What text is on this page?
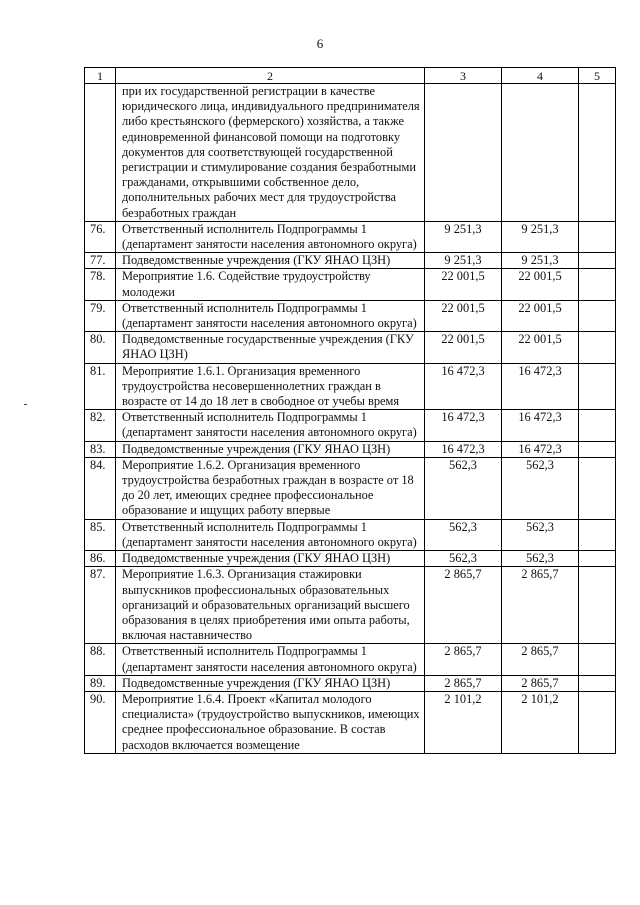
6
1	2	3	4	5
	при их государственной регистрации в качестве юридического лица, индивидуального предпринимателя либо крестьянского (фермерского) хозяйства, а также единовременной финансовой помощи на подготовку документов для соответствующей государственной регистрации и стимулирование создания безработными гражданами, открывшими собственное дело, дополнительных рабочих мест для трудоустройства безработных граждан			
76.	Ответственный исполнитель Подпрограммы 1 (департамент занятости населения автономного округа)	9 251,3	9 251,3	
77.	Подведомственные учреждения (ГКУ ЯНАО ЦЗН)	9 251,3	9 251,3	
78.	Мероприятие 1.6. Содействие трудоустройству молодежи	22 001,5	22 001,5	
79.	Ответственный исполнитель Подпрограммы 1 (департамент занятости населения автономного округа)	22 001,5	22 001,5	
80.	Подведомственные государственные учреждения (ГКУ ЯНАО ЦЗН)	22 001,5	22 001,5	
81.	Мероприятие 1.6.1. Организация временного трудоустройства несовершеннолетних граждан в возрасте от 14 до 18 лет в свободное от учебы время	16 472,3	16 472,3	
82.	Ответственный исполнитель Подпрограммы 1 (департамент занятости населения автономного округа)	16 472,3	16 472,3	
83.	Подведомственные учреждения (ГКУ ЯНАО ЦЗН)	16 472,3	16 472,3	
84.	Мероприятие 1.6.2. Организация временного трудоустройства безработных граждан в возрасте от 18 до 20 лет, имеющих среднее профессиональное образование и ищущих работу впервые	562,3	562,3	
85.	Ответственный исполнитель Подпрограммы 1 (департамент занятости населения автономного округа)	562,3	562,3	
86.	Подведомственные учреждения (ГКУ ЯНАО ЦЗН)	562,3	562,3	
87.	Мероприятие 1.6.3. Организация стажировки выпускников профессиональных образовательных организаций и образовательных организаций высшего образования в целях приобретения ими опыта работы, включая наставничество	2 865,7	2 865,7	
88.	Ответственный исполнитель Подпрограммы 1 (департамент занятости населения автономного округа)	2 865,7	2 865,7	
89.	Подведомственные учреждения (ГКУ ЯНАО ЦЗН)	2 865,7	2 865,7	
90.	Мероприятие 1.6.4. Проект «Капитал молодого специалиста» (трудоустройство выпускников, имеющих среднее профессиональное образование. В состав расходов включается возмещение	2 101,2	2 101,2	
